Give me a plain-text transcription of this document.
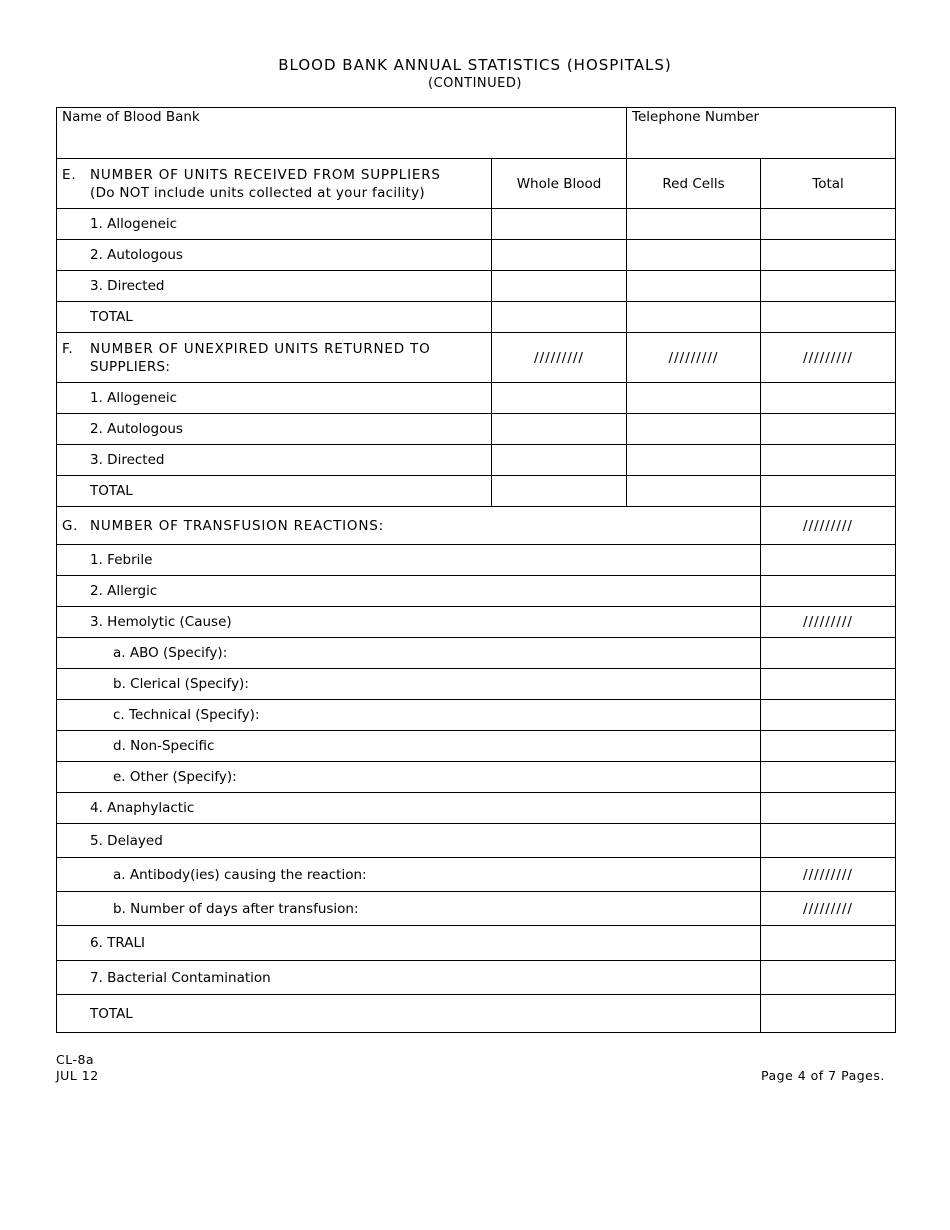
BLOOD BANK ANNUAL STATISTICS (HOSPITALS)
(CONTINUED)
Name of Blood Bank		Telephone Number	

E. NUMBER OF UNITS RECEIVED FROM SUPPLIERS
(Do NOT include units collected at your facility)	Whole Blood	Red Cells	Total
1. Allogeneic			
2. Autologous			
3. Directed			
TOTAL			
F. NUMBER OF UNEXPIRED UNITS RETURNED TO
SUPPLIERS:	/////////	/////////	/////////
1. Allogeneic			
2. Autologous			
3. Directed			
TOTAL			
G. NUMBER OF TRANSFUSION REACTIONS:			/////////
1. Febrile			
2. Allergic			
3. Hemolytic (Cause)			/////////
a. ABO (Specify):			
b. Clerical (Specify):			
c. Technical (Specify):			
d. Non-Specific			
e. Other (Specify):			
4. Anaphylactic			
5. Delayed			
a. Antibody(ies) causing the reaction:			/////////
b. Number of days after transfusion:			/////////
6. TRALI			
7. Bacterial Contamination			
TOTAL			
CL-8a
JUL 12	Page 4 of 7 Pages.
